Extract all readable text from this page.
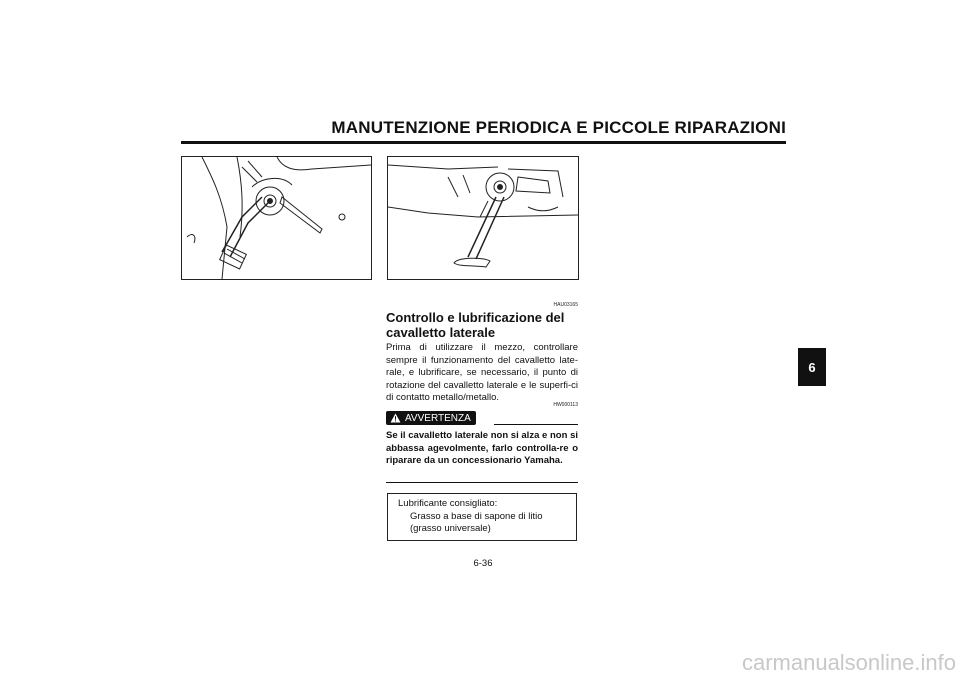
MANUTENZIONE PERIODICA E PICCOLE RIPARAZIONI
HAU03165
Controllo e lubrificazione del cavalletto laterale
Prima di utilizzare il mezzo, controllare sempre il funzionamento del cavalletto late-rale, e lubrificare, se necessario, il punto di rotazione del cavalletto laterale e le superfi-ci di contatto metallo/metallo.
HW000113
AVVERTENZA
Se il cavalletto laterale non si alza e non si abbassa agevolmente, farlo controlla-re o riparare da un concessionario Yamaha.
Lubrificante consigliato:
Grasso a base di sapone di litio
(grasso universale)
6-36
6
carmanualsonline.info
